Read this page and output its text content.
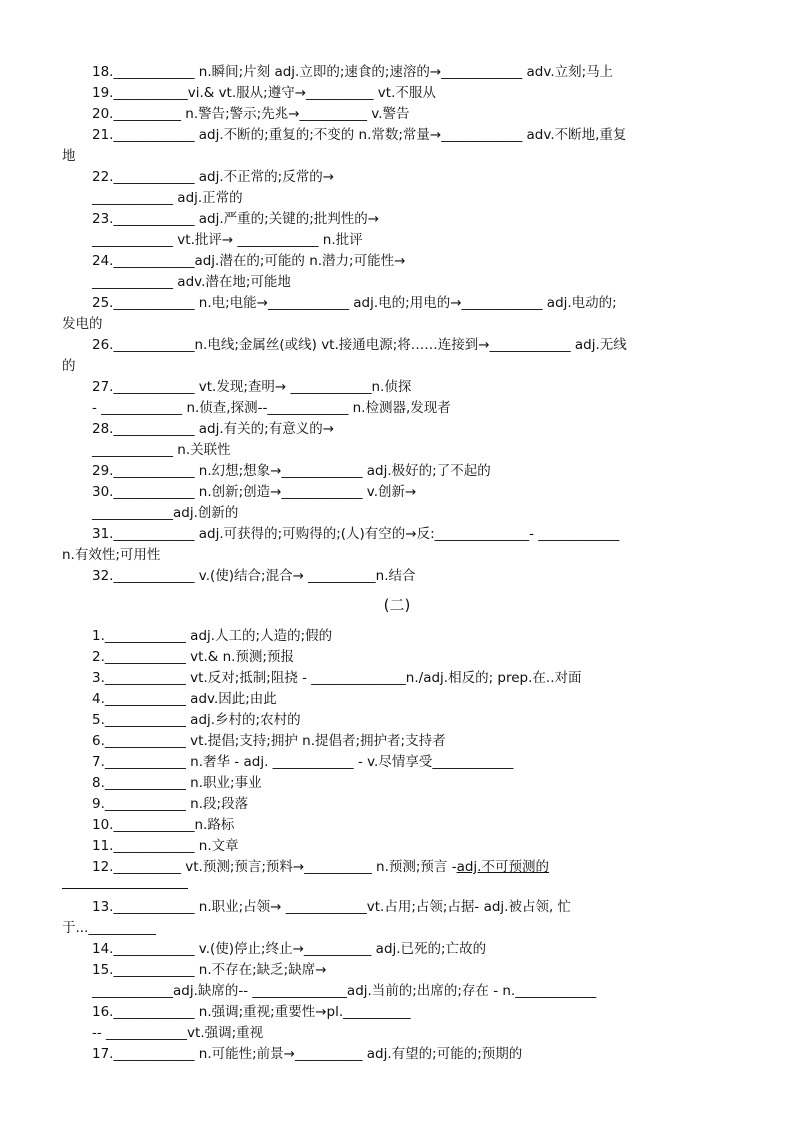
18.____________ n.瞬间;片刻 adj.立即的;速食的;速溶的→____________ adv.立刻;马上
19.___________vi.& vt.服从;遵守→__________ vt.不服从
20.__________ n.警告;警示;先兆→__________ v.警告
21.____________ adj.不断的;重复的;不变的 n.常数;常量→____________ adv.不断地,重复
地
22.____________ adj.不正常的;反常的→
____________ adj.正常的
23.____________ adj.严重的;关键的;批判性的→
____________ vt.批评→ ____________ n.批评
24.____________adj.潜在的;可能的 n.潜力;可能性→
____________ adv.潜在地;可能地
25.____________ n.电;电能→____________ adj.电的;用电的→____________ adj.电动的;
发电的
26.____________n.电线;金属丝(或线) vt.接通电源;将……连接到→____________ adj.无线
的
27.____________ vt.发现;查明→ ____________n.侦探
- ____________ n.侦查,探测--____________ n.检测器,发现者
28.____________ adj.有关的;有意义的→
____________ n.关联性
29.____________ n.幻想;想象→____________ adj.极好的;了不起的
30.____________ n.创新;创造→____________ v.创新→
____________adj.创新的
31.____________ adj.可获得的;可购得的;(人)有空的→反:______________- ____________
n.有效性;可用性
32.____________ v.(使)结合;混合→ __________n.结合
(二)
1.____________ adj.人工的;人造的;假的
2.____________ vt.& n.预测;预报
3.____________ vt.反对;抵制;阻挠 - ______________n./adj.相反的; prep.在..对面
4.____________ adv.因此;由此
5.____________ adj.乡村的;农村的
6.____________ vt.提倡;支持;拥护 n.提倡者;拥护者;支持者
7.____________ n.奢华 - adj. ____________ - v.尽情享受____________
8.____________ n.职业;事业
9.____________ n.段;段落
10.____________n.路标
11.____________ n.文章
12.__________ vt.预测;预言;预料→__________ n.预测;预言 -adj.不可预测的
13.____________ n.职业;占领→ ____________vt.占用;占领;占据- adj.被占领, 忙
于...__________
14.____________ v.(使)停止;终止→__________ adj.已死的;亡故的
15.____________ n.不存在;缺乏;缺席→
____________adj.缺席的-- ______________adj.当前的;出席的;存在 - n.____________
16.____________ n.强调;重视;重要性→pl.__________
-- ____________vt.强调;重视
17.____________ n.可能性;前景→__________ adj.有望的;可能的;预期的
